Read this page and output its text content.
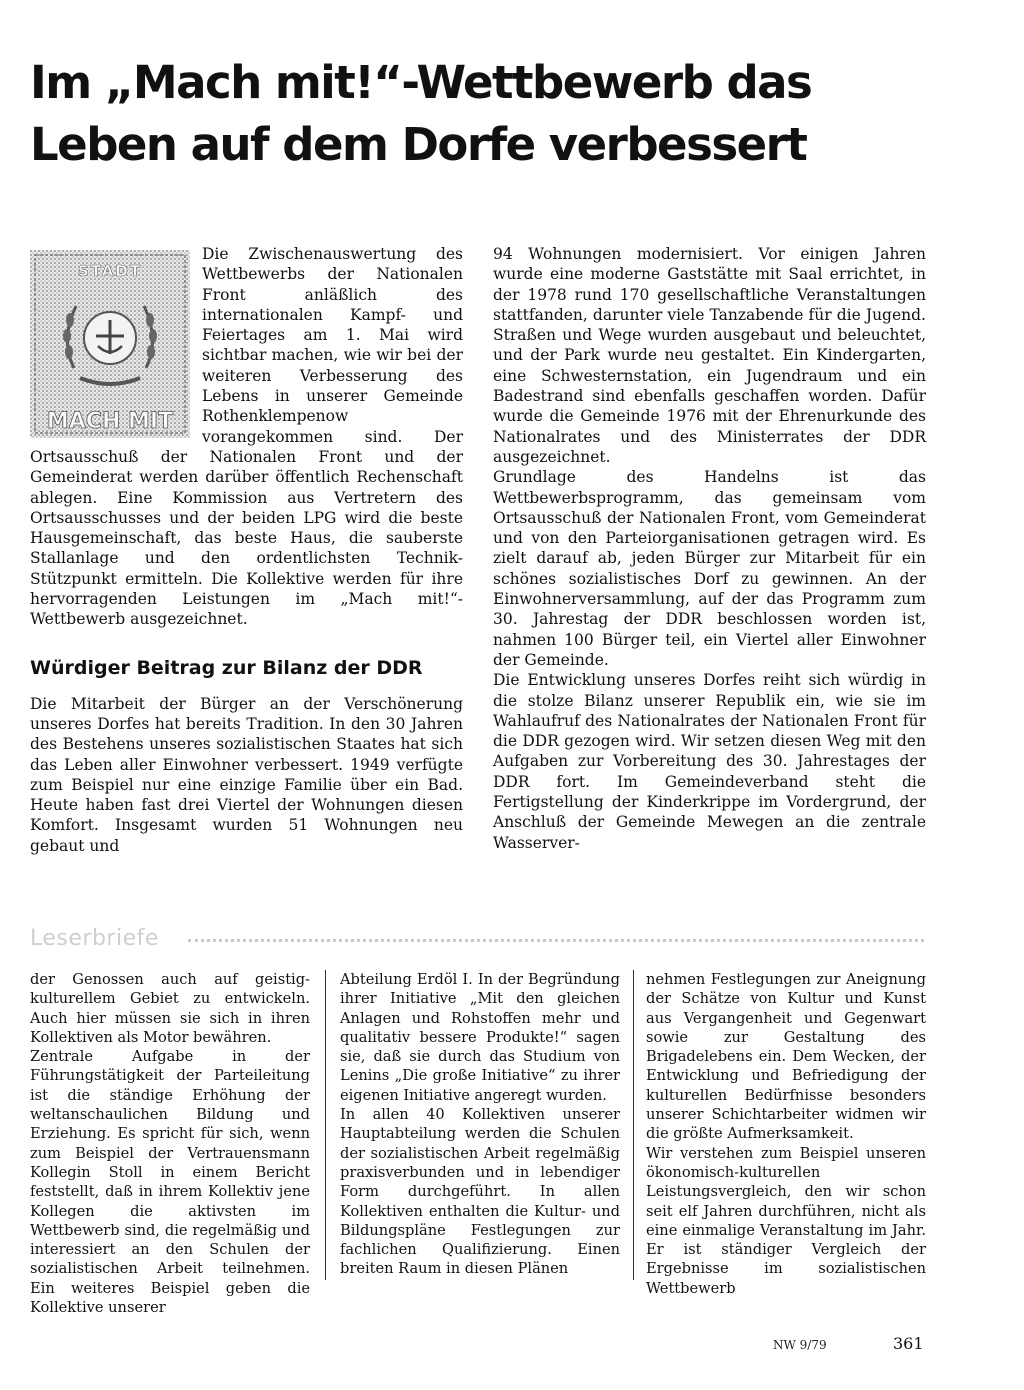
Im „Mach mit!“-Wettbewerb das Leben auf dem Dorfe verbessert
STADT
MACH MIT

Die Zwischenauswertung des Wettbewerbs der Nationalen Front anläßlich des internationalen Kampf- und Feiertages am 1. Mai wird sichtbar machen, wie wir bei der weiteren Verbesserung des Lebens in unserer Gemeinde Rothenklempenow vorangekommen sind. Der Ortsausschuß der Nationalen Front und der Gemeinderat werden darüber öffentlich Rechenschaft ablegen. Eine Kommission aus Vertretern des Ortsausschusses und der beiden LPG wird die beste Hausgemeinschaft, das beste Haus, die sauberste Stallanlage und den ordentlichsten Technik-Stützpunkt ermitteln. Die Kollektive werden für ihre hervorragenden Leistungen im „Mach mit!“-Wettbewerb ausgezeichnet.

Würdiger Beitrag zur Bilanz der DDR

Die Mitarbeit der Bürger an der Verschönerung unseres Dorfes hat bereits Tradition. In den 30 Jahren des Bestehens unseres sozialistischen Staates hat sich das Leben aller Einwohner verbessert. 1949 verfügte zum Beispiel nur eine einzige Familie über ein Bad. Heute haben fast drei Viertel der Wohnungen diesen Komfort. Insgesamt wurden 51 Wohnungen neu gebaut und

94 Wohnungen modernisiert. Vor einigen Jahren wurde eine moderne Gaststätte mit Saal errichtet, in der 1978 rund 170 gesellschaftliche Veranstaltungen stattfanden, darunter viele Tanzabende für die Jugend. Straßen und Wege wurden ausgebaut und beleuchtet, und der Park wurde neu gestaltet. Ein Kindergarten, eine Schwesternstation, ein Jugendraum und ein Badestrand sind ebenfalls geschaffen worden. Dafür wurde die Gemeinde 1976 mit der Ehrenurkunde des Nationalrates und des Ministerrates der DDR ausgezeichnet.

Grundlage des Handelns ist das Wettbewerbsprogramm, das gemeinsam vom Ortsausschuß der Nationalen Front, vom Gemeinderat und von den Parteiorganisationen getragen wird. Es zielt darauf ab, jeden Bürger zur Mitarbeit für ein schönes sozialistisches Dorf zu gewinnen. An der Einwohnerversammlung, auf der das Programm zum 30. Jahrestag der DDR beschlossen worden ist, nahmen 100 Bürger teil, ein Viertel aller Einwohner der Gemeinde.

Die Entwicklung unseres Dorfes reiht sich würdig in die stolze Bilanz unserer Republik ein, wie sie im Wahlaufruf des Nationalrates der Nationalen Front für die DDR gezogen wird. Wir setzen diesen Weg mit den Aufgaben zur Vorbereitung des 30. Jahrestages der DDR fort. Im Gemeindeverband steht die Fertigstellung der Kinderkrippe im Vordergrund, der Anschluß der Gemeinde Mewegen an die zentrale Wasserver-

Leserbriefe

der Genossen auch auf geistig-kulturellem Gebiet zu entwickeln. Auch hier müssen sie sich in ihren Kollektiven als Motor bewähren.

Zentrale Aufgabe in der Führungstätigkeit der Parteileitung ist die ständige Erhöhung der weltanschaulichen Bildung und Erziehung. Es spricht für sich, wenn zum Beispiel der Vertrauensmann Kollegin Stoll in einem Bericht feststellt, daß in ihrem Kollektiv jene Kollegen die aktivsten im Wettbewerb sind, die regelmäßig und interessiert an den Schulen der sozialistischen Arbeit teilnehmen. Ein weiteres Beispiel geben die Kollektive unserer

Abteilung Erdöl I. In der Begründung ihrer Initiative „Mit den gleichen Anlagen und Rohstoffen mehr und qualitativ bessere Produkte!“ sagen sie, daß sie durch das Studium von Lenins „Die große Initiative“ zu ihrer eigenen Initiative angeregt wurden.

In allen 40 Kollektiven unserer Hauptabteilung werden die Schulen der sozialistischen Arbeit regelmäßig praxisverbunden und in lebendiger Form durchgeführt. In allen Kollektiven enthalten die Kultur- und Bildungspläne Festlegungen zur fachlichen Qualifizierung. Einen breiten Raum in diesen Plänen

nehmen Festlegungen zur Aneignung der Schätze von Kultur und Kunst aus Vergangenheit und Gegenwart sowie zur Gestaltung des Brigadelebens ein. Dem Wecken, der Entwicklung und Befriedigung der kulturellen Bedürfnisse besonders unserer Schichtarbeiter widmen wir die größte Aufmerksamkeit.

Wir verstehen zum Beispiel unseren ökonomisch-kulturellen Leistungsvergleich, den wir schon seit elf Jahren durchführen, nicht als eine einmalige Veranstaltung im Jahr. Er ist ständiger Vergleich der Ergebnisse im sozialistischen Wettbewerb

NW 9/79	361
